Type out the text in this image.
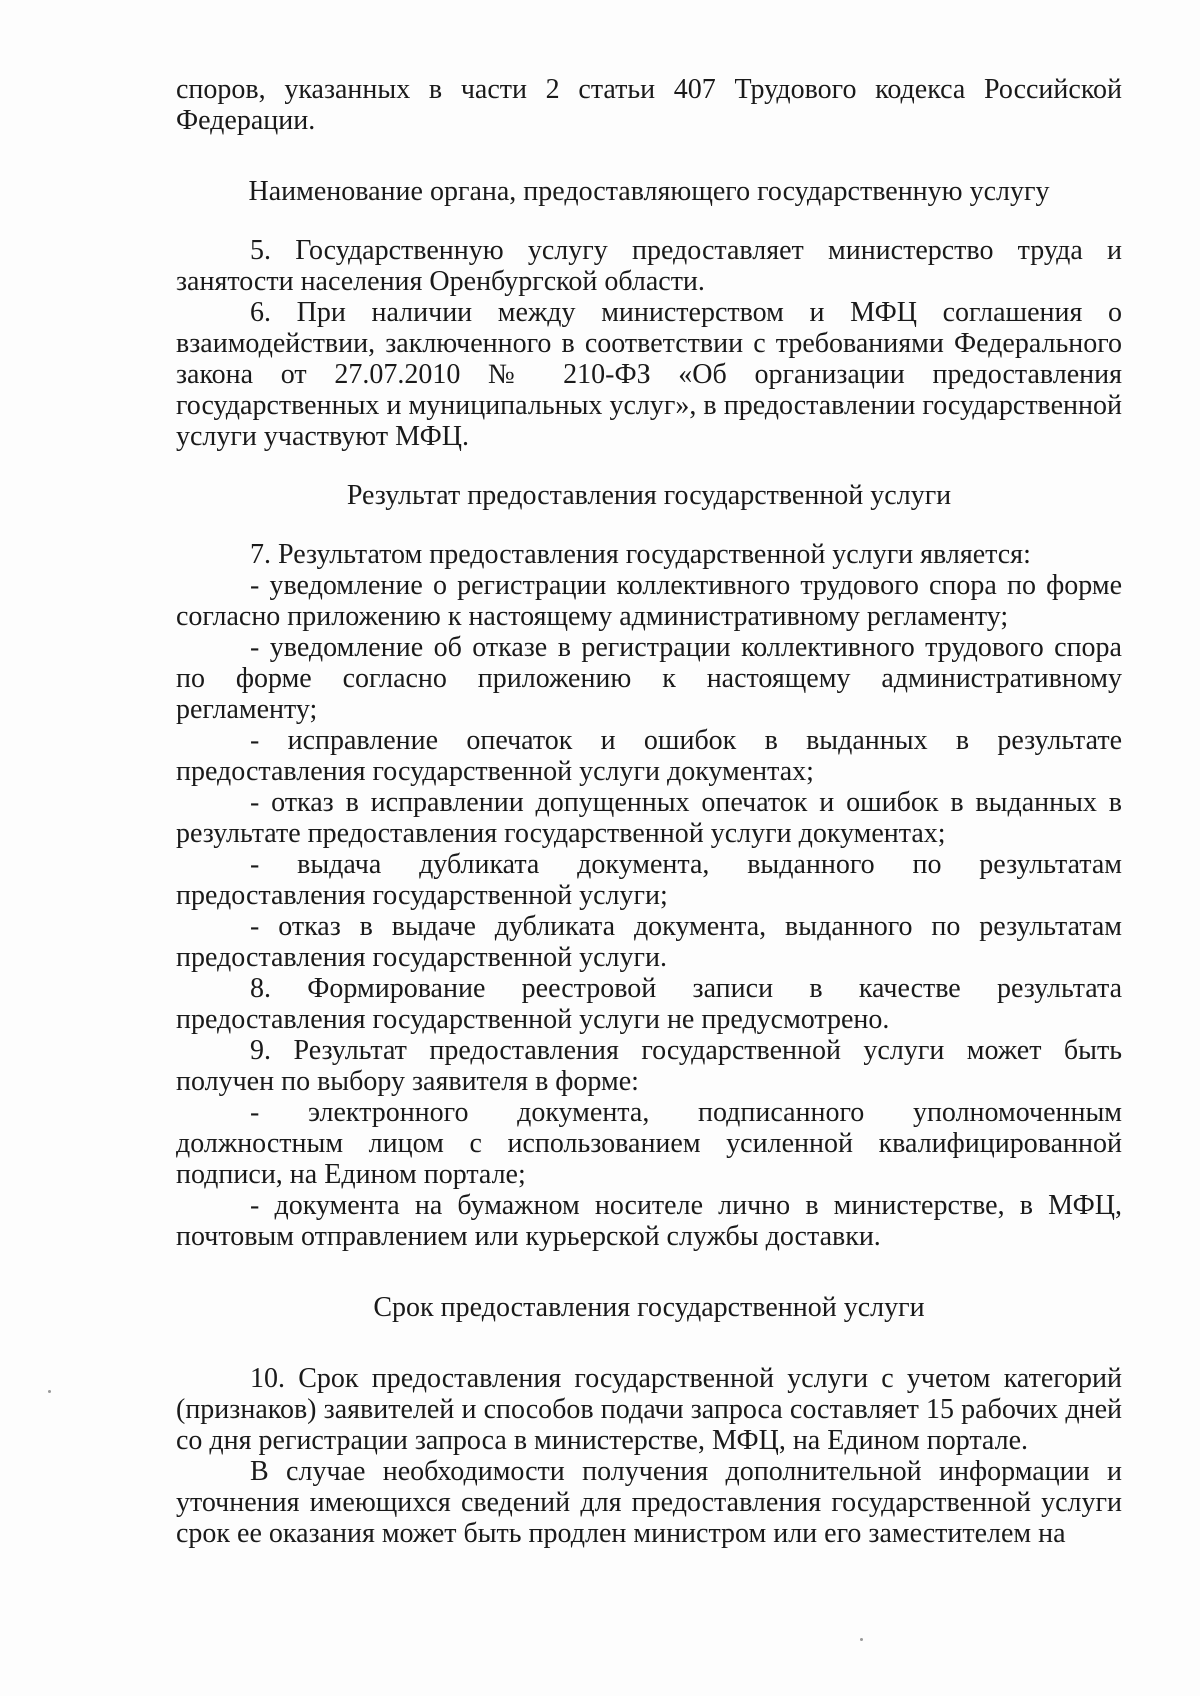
споров, указанных в части 2 статьи 407 Трудового кодекса Российской Федерации.

Наименование органа, предоставляющего государственную услугу

5. Государственную услугу предоставляет министерство труда и занятости населения Оренбургской области.

6. При наличии между министерством и МФЦ соглашения о взаимодействии, заключенного в соответствии с требованиями Федерального закона от 27.07.2010 № 210-ФЗ «Об организации предоставления государственных и муниципальных услуг», в предоставлении государственной услуги участвуют МФЦ.

Результат предоставления государственной услуги

7. Результатом предоставления государственной услуги является:

- уведомление о регистрации коллективного трудового спора по форме согласно приложению к настоящему административному регламенту;

- уведомление об отказе в регистрации коллективного трудового спора по форме согласно приложению к настоящему административному регламенту;

- исправление опечаток и ошибок в выданных в результате предоставления государственной услуги документах;

- отказ в исправлении допущенных опечаток и ошибок в выданных в результате предоставления государственной услуги документах;

- выдача дубликата документа, выданного по результатам предоставления государственной услуги;

- отказ в выдаче дубликата документа, выданного по результатам предоставления государственной услуги.

8. Формирование реестровой записи в качестве результата предоставления государственной услуги не предусмотрено.

9. Результат предоставления государственной услуги может быть получен по выбору заявителя в форме:

- электронного документа, подписанного уполномоченным должностным лицом с использованием усиленной квалифицированной подписи, на Едином портале;

- документа на бумажном носителе лично в министерстве, в МФЦ, почтовым отправлением или курьерской службы доставки.

Срок предоставления государственной услуги

10. Срок предоставления государственной услуги с учетом категорий (признаков) заявителей и способов подачи запроса составляет 15 рабочих дней со дня регистрации запроса в министерстве, МФЦ, на Едином портале.

В случае необходимости получения дополнительной информации и уточнения имеющихся сведений для предоставления государственной услуги срок ее оказания может быть продлен министром или его заместителем на
